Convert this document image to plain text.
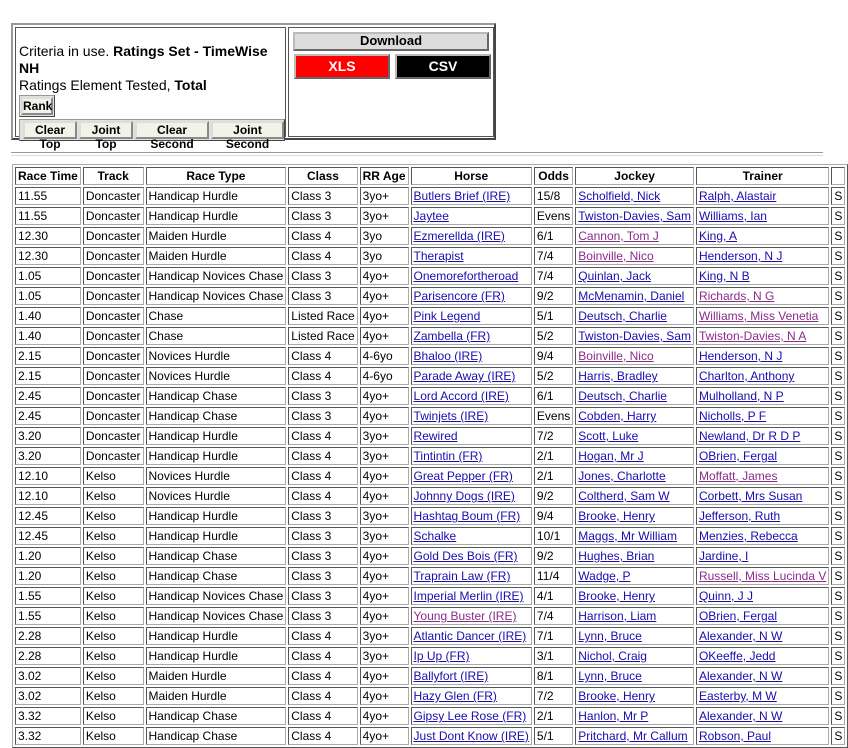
Criteria in use. Ratings Set - TimeWise NH
Ratings Element Tested, Total
Rank
Clear Top
Joint Top
Clear Second
Joint Second
Download
XLS	CSV
Race Time	Track	Race Type	Class	RR Age	Horse	Odds	Jockey	Trainer	
11.55	Doncaster	Handicap Hurdle	Class 3	3yo+	Butlers Brief (IRE)	15/8	Scholfield, Nick	Ralph, Alastair	S
11.55	Doncaster	Handicap Hurdle	Class 3	3yo+	Jaytee	Evens	Twiston-Davies, Sam	Williams, Ian	S
12.30	Doncaster	Maiden Hurdle	Class 4	3yo	Ezmerellda (IRE)	6/1	Cannon, Tom J	King, A	S
12.30	Doncaster	Maiden Hurdle	Class 4	3yo	Therapist	7/4	Boinville, Nico	Henderson, N J	S
1.05	Doncaster	Handicap Novices Chase	Class 3	4yo+	Onemorefortheroad	7/4	Quinlan, Jack	King, N B	S
1.05	Doncaster	Handicap Novices Chase	Class 3	4yo+	Parisencore (FR)	9/2	McMenamin, Daniel	Richards, N G	S
1.40	Doncaster	Chase	Listed Race	4yo+	Pink Legend	5/1	Deutsch, Charlie	Williams, Miss Venetia	S
1.40	Doncaster	Chase	Listed Race	4yo+	Zambella (FR)	5/2	Twiston-Davies, Sam	Twiston-Davies, N A	S
2.15	Doncaster	Novices Hurdle	Class 4	4-6yo	Bhaloo (IRE)	9/4	Boinville, Nico	Henderson, N J	S
2.15	Doncaster	Novices Hurdle	Class 4	4-6yo	Parade Away (IRE)	5/2	Harris, Bradley	Charlton, Anthony	S
2.45	Doncaster	Handicap Chase	Class 3	4yo+	Lord Accord (IRE)	6/1	Deutsch, Charlie	Mulholland, N P	S
2.45	Doncaster	Handicap Chase	Class 3	4yo+	Twinjets (IRE)	Evens	Cobden, Harry	Nicholls, P F	S
3.20	Doncaster	Handicap Hurdle	Class 4	3yo+	Rewired	7/2	Scott, Luke	Newland, Dr R D P	S
3.20	Doncaster	Handicap Hurdle	Class 4	3yo+	Tintintin (FR)	2/1	Hogan, Mr J	OBrien, Fergal	S
12.10	Kelso	Novices Hurdle	Class 4	4yo+	Great Pepper (FR)	2/1	Jones, Charlotte	Moffatt, James	S
12.10	Kelso	Novices Hurdle	Class 4	4yo+	Johnny Dogs (IRE)	9/2	Coltherd, Sam W	Corbett, Mrs Susan	S
12.45	Kelso	Handicap Hurdle	Class 3	3yo+	Hashtag Boum (FR)	9/4	Brooke, Henry	Jefferson, Ruth	S
12.45	Kelso	Handicap Hurdle	Class 3	3yo+	Schalke	10/1	Maggs, Mr William	Menzies, Rebecca	S
1.20	Kelso	Handicap Chase	Class 3	4yo+	Gold Des Bois (FR)	9/2	Hughes, Brian	Jardine, I	S
1.20	Kelso	Handicap Chase	Class 3	4yo+	Traprain Law (FR)	11/4	Wadge, P	Russell, Miss Lucinda V	S
1.55	Kelso	Handicap Novices Chase	Class 3	4yo+	Imperial Merlin (IRE)	4/1	Brooke, Henry	Quinn, J J	S
1.55	Kelso	Handicap Novices Chase	Class 3	4yo+	Young Buster (IRE)	7/4	Harrison, Liam	OBrien, Fergal	S
2.28	Kelso	Handicap Hurdle	Class 4	3yo+	Atlantic Dancer (IRE)	7/1	Lynn, Bruce	Alexander, N W	S
2.28	Kelso	Handicap Hurdle	Class 4	3yo+	Ip Up (FR)	3/1	Nichol, Craig	OKeeffe, Jedd	S
3.02	Kelso	Maiden Hurdle	Class 4	4yo+	Ballyfort (IRE)	8/1	Lynn, Bruce	Alexander, N W	S
3.02	Kelso	Maiden Hurdle	Class 4	4yo+	Hazy Glen (FR)	7/2	Brooke, Henry	Easterby, M W	S
3.32	Kelso	Handicap Chase	Class 4	4yo+	Gipsy Lee Rose (FR)	2/1	Hanlon, Mr P	Alexander, N W	S
3.32	Kelso	Handicap Chase	Class 4	4yo+	Just Dont Know (IRE)	5/1	Pritchard, Mr Callum	Robson, Paul	S
